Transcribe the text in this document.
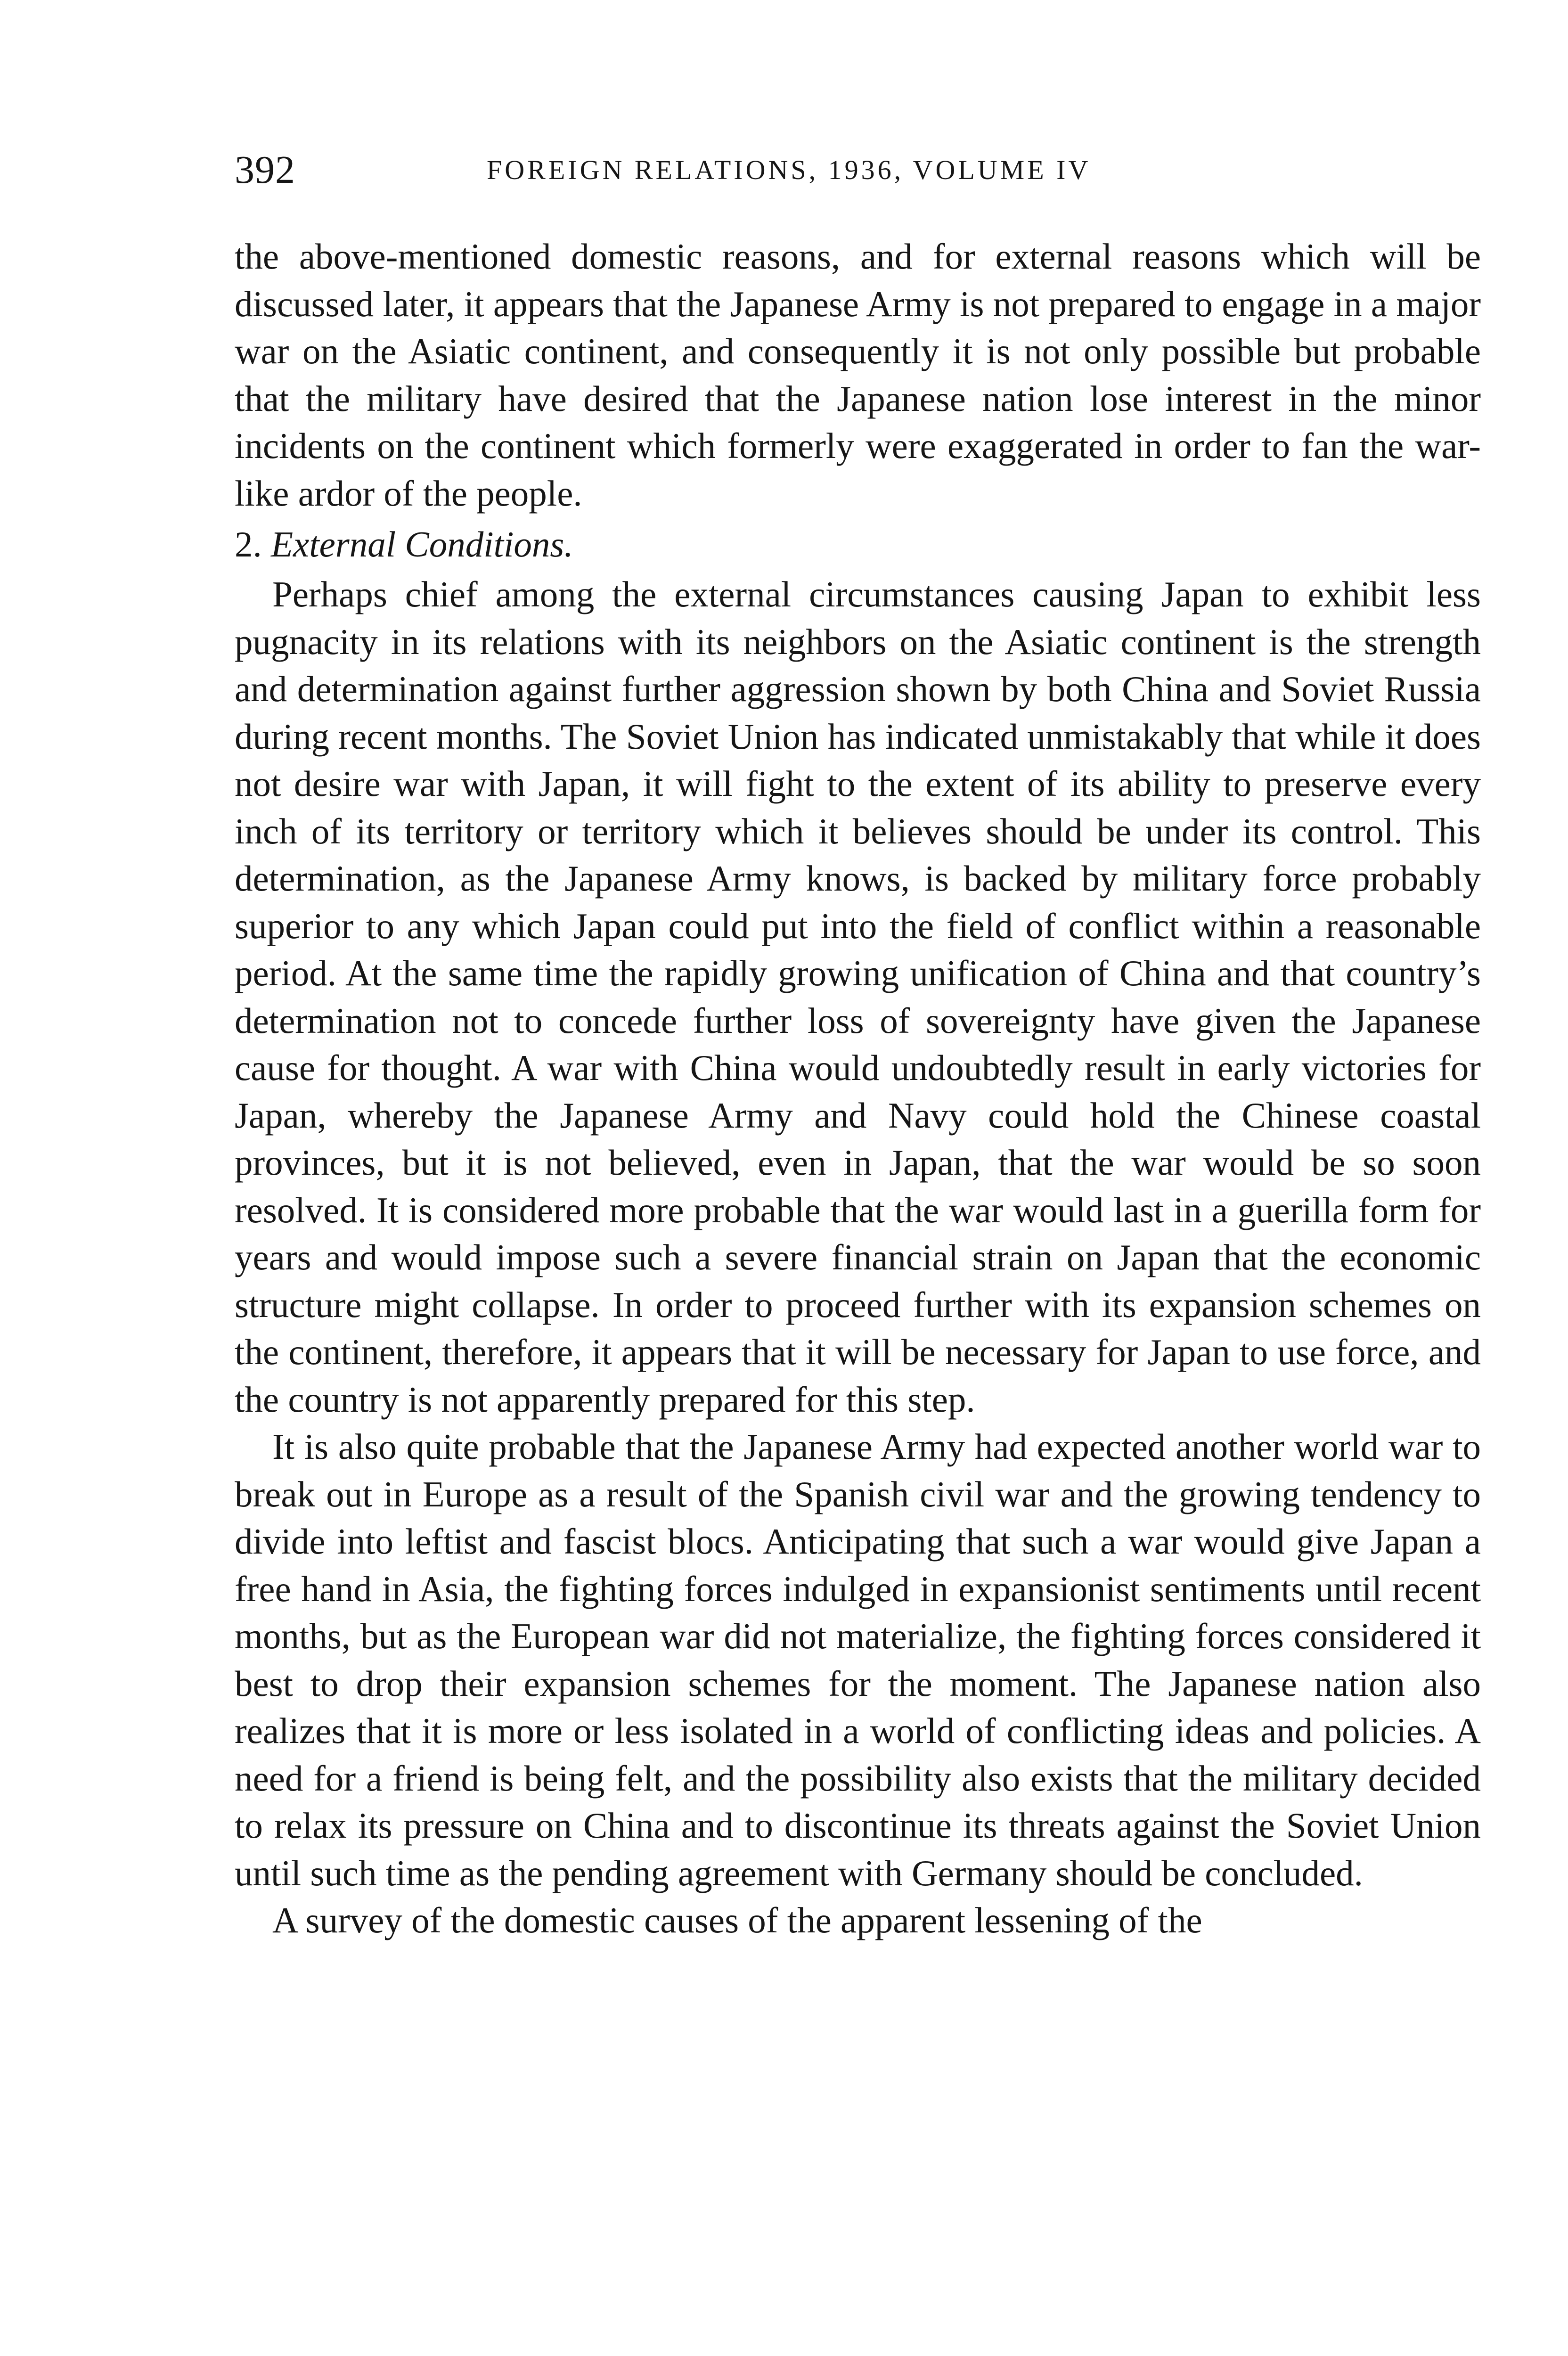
392	FOREIGN RELATIONS, 1936, VOLUME IV

the above-mentioned domestic reasons, and for external reasons which will be discussed later, it appears that the Japanese Army is not prepared to engage in a major war on the Asiatic continent, and consequently it is not only possible but probable that the military have desired that the Japanese nation lose interest in the minor incidents on the continent which formerly were exaggerated in order to fan the war-like ardor of the people.

2. External Conditions.

Perhaps chief among the external circumstances causing Japan to exhibit less pugnacity in its relations with its neighbors on the Asiatic continent is the strength and determination against further aggression shown by both China and Soviet Russia during recent months. The Soviet Union has indicated unmistakably that while it does not desire war with Japan, it will fight to the extent of its ability to preserve every inch of its territory or territory which it believes should be under its control. This determination, as the Japanese Army knows, is backed by military force probably superior to any which Japan could put into the field of conflict within a reasonable period. At the same time the rapidly growing unification of China and that country’s determination not to concede further loss of sovereignty have given the Japanese cause for thought. A war with China would undoubtedly result in early victories for Japan, whereby the Japanese Army and Navy could hold the Chinese coastal provinces, but it is not believed, even in Japan, that the war would be so soon resolved. It is considered more probable that the war would last in a guerilla form for years and would impose such a severe financial strain on Japan that the economic structure might collapse. In order to proceed further with its expansion schemes on the continent, therefore, it appears that it will be necessary for Japan to use force, and the country is not apparently prepared for this step.

It is also quite probable that the Japanese Army had expected another world war to break out in Europe as a result of the Spanish civil war and the growing tendency to divide into leftist and fascist blocs. Anticipating that such a war would give Japan a free hand in Asia, the fighting forces indulged in expansionist sentiments until recent months, but as the European war did not materialize, the fighting forces considered it best to drop their expansion schemes for the moment. The Japanese nation also realizes that it is more or less isolated in a world of conflicting ideas and policies. A need for a friend is being felt, and the possibility also exists that the military decided to relax its pressure on China and to discontinue its threats against the Soviet Union until such time as the pending agreement with Germany should be concluded.

A survey of the domestic causes of the apparent lessening of the
